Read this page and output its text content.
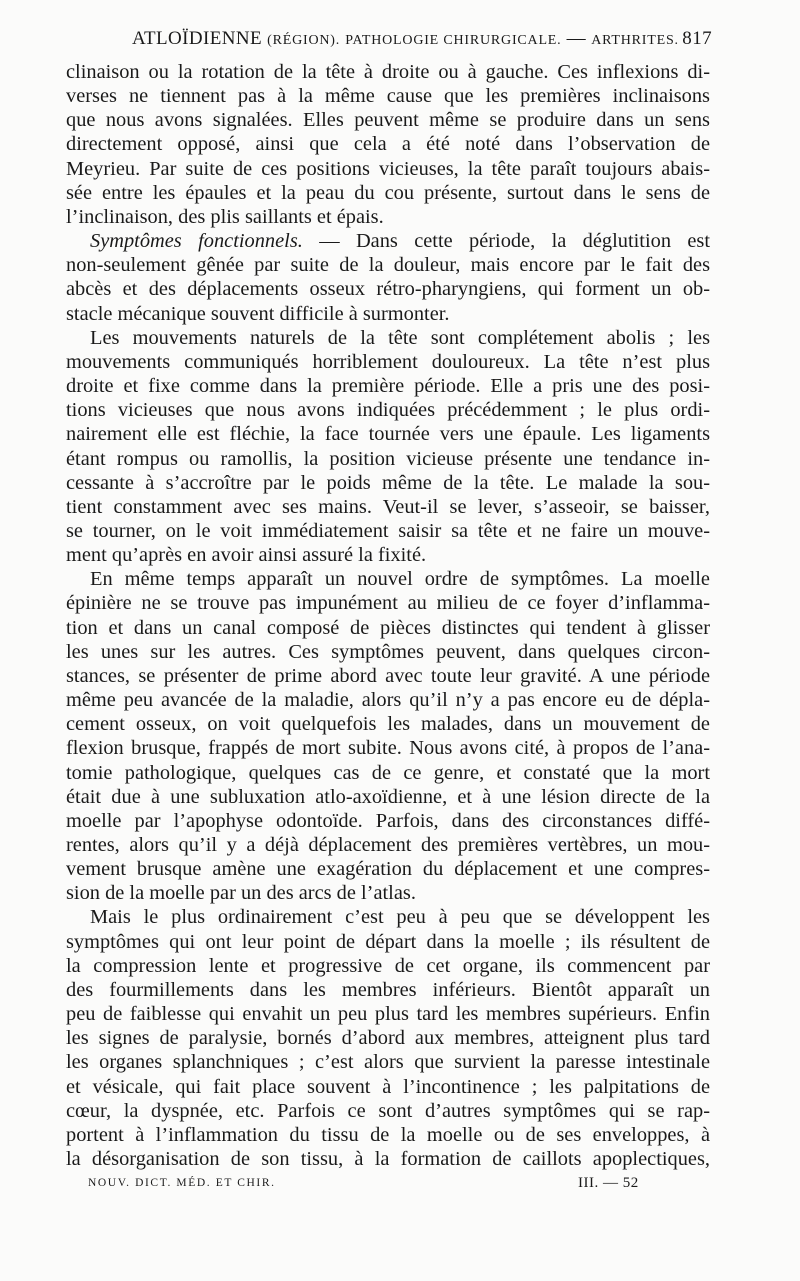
ATLOÏDIENNE (RÉGION). PATHOLOGIE CHIRURGICALE. — ARTHRITES. 817
clinaison ou la rotation de la tête à droite ou à gauche. Ces inflexions di-
verses ne tiennent pas à la même cause que les premières inclinaisons
que nous avons signalées. Elles peuvent même se produire dans un sens
directement opposé, ainsi que cela a été noté dans l’observation de
Meyrieu. Par suite de ces positions vicieuses, la tête paraît toujours abais-
sée entre les épaules et la peau du cou présente, surtout dans le sens de
l’inclinaison, des plis saillants et épais.
Symptômes fonctionnels. — Dans cette période, la déglutition est
non-seulement gênée par suite de la douleur, mais encore par le fait des
abcès et des déplacements osseux rétro-pharyngiens, qui forment un ob-
stacle mécanique souvent difficile à surmonter.
Les mouvements naturels de la tête sont complétement abolis ; les
mouvements communiqués horriblement douloureux. La tête n’est plus
droite et fixe comme dans la première période. Elle a pris une des posi-
tions vicieuses que nous avons indiquées précédemment ; le plus ordi-
nairement elle est fléchie, la face tournée vers une épaule. Les ligaments
étant rompus ou ramollis, la position vicieuse présente une tendance in-
cessante à s’accroître par le poids même de la tête. Le malade la sou-
tient constamment avec ses mains. Veut-il se lever, s’asseoir, se baisser,
se tourner, on le voit immédiatement saisir sa tête et ne faire un mouve-
ment qu’après en avoir ainsi assuré la fixité.
En même temps apparaît un nouvel ordre de symptômes. La moelle
épinière ne se trouve pas impunément au milieu de ce foyer d’inflamma-
tion et dans un canal composé de pièces distinctes qui tendent à glisser
les unes sur les autres. Ces symptômes peuvent, dans quelques circon-
stances, se présenter de prime abord avec toute leur gravité. A une période
même peu avancée de la maladie, alors qu’il n’y a pas encore eu de dépla-
cement osseux, on voit quelquefois les malades, dans un mouvement de
flexion brusque, frappés de mort subite. Nous avons cité, à propos de l’ana-
tomie pathologique, quelques cas de ce genre, et constaté que la mort
était due à une subluxation atlo-axoïdienne, et à une lésion directe de la
moelle par l’apophyse odontoïde. Parfois, dans des circonstances diffé-
rentes, alors qu’il y a déjà déplacement des premières vertèbres, un mou-
vement brusque amène une exagération du déplacement et une compres-
sion de la moelle par un des arcs de l’atlas.
Mais le plus ordinairement c’est peu à peu que se développent les
symptômes qui ont leur point de départ dans la moelle ; ils résultent de
la compression lente et progressive de cet organe, ils commencent par
des fourmillements dans les membres inférieurs. Bientôt apparaît un
peu de faiblesse qui envahit un peu plus tard les membres supérieurs. Enfin
les signes de paralysie, bornés d’abord aux membres, atteignent plus tard
les organes splanchniques ; c’est alors que survient la paresse intestinale
et vésicale, qui fait place souvent à l’incontinence ; les palpitations de
cœur, la dyspnée, etc. Parfois ce sont d’autres symptômes qui se rap-
portent à l’inflammation du tissu de la moelle ou de ses enveloppes, à
la désorganisation de son tissu, à la formation de caillots apoplectiques,
NOUV. DICT. MÉD. ET CHIR.	III. — 52
